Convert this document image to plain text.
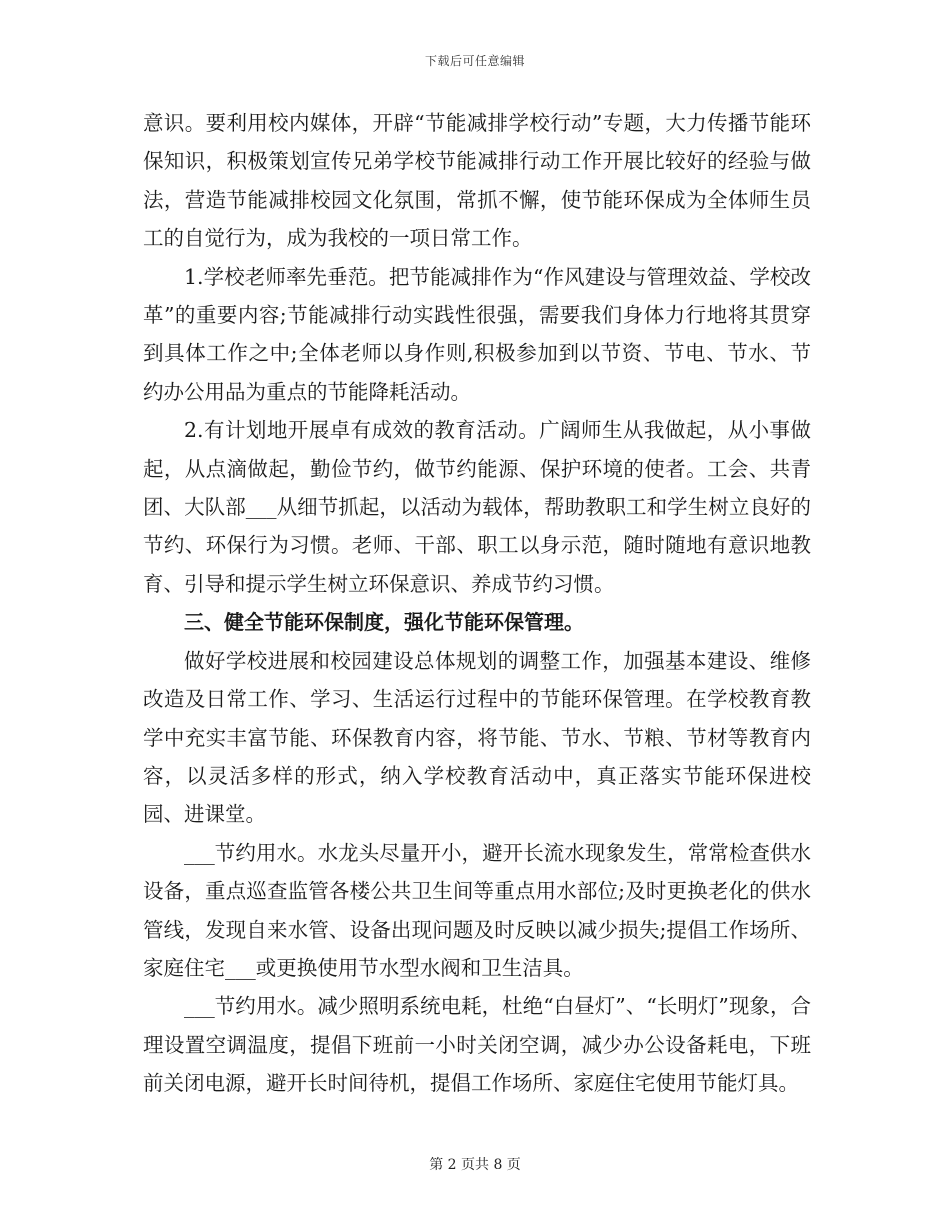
下载后可任意编辑

意识。要利用校内媒体，开辟“节能减排学校行动”专题，大力传播节能环保知识，积极策划宣传兄弟学校节能减排行动工作开展比较好的经验与做法，营造节能减排校园文化氛围，常抓不懈，使节能环保成为全体师生员工的自觉行为，成为我校的一项日常工作。

1.学校老师率先垂范。把节能减排作为“作风建设与管理效益、学校改革”的重要内容;节能减排行动实践性很强，需要我们身体力行地将其贯穿到具体工作之中;全体老师以身作则,积极参加到以节资、节电、节水、节约办公用品为重点的节能降耗活动。

2.有计划地开展卓有成效的教育活动。广阔师生从我做起，从小事做起，从点滴做起，勤俭节约，做节约能源、保护环境的使者。工会、共青团、大队部___从细节抓起，以活动为载体，帮助教职工和学生树立良好的节约、环保行为习惯。老师、干部、职工以身示范，随时随地有意识地教育、引导和提示学生树立环保意识、养成节约习惯。

三、健全节能环保制度，强化节能环保管理。

做好学校进展和校园建设总体规划的调整工作，加强基本建设、维修改造及日常工作、学习、生活运行过程中的节能环保管理。在学校教育教学中充实丰富节能、环保教育内容，将节能、节水、节粮、节材等教育内容，以灵活多样的形式，纳入学校教育活动中，真正落实节能环保进校园、进课堂。

___节约用水。水龙头尽量开小，避开长流水现象发生，常常检查供水设备，重点巡查监管各楼公共卫生间等重点用水部位;及时更换老化的供水管线，发现自来水管、设备出现问题及时反映以减少损失;提倡工作场所、家庭住宅___或更换使用节水型水阀和卫生洁具。

___节约用水。减少照明系统电耗，杜绝“白昼灯”、“长明灯”现象，合理设置空调温度，提倡下班前一小时关闭空调，减少办公设备耗电，下班前关闭电源，避开长时间待机，提倡工作场所、家庭住宅使用节能灯具。

第 2 页共 8 页
